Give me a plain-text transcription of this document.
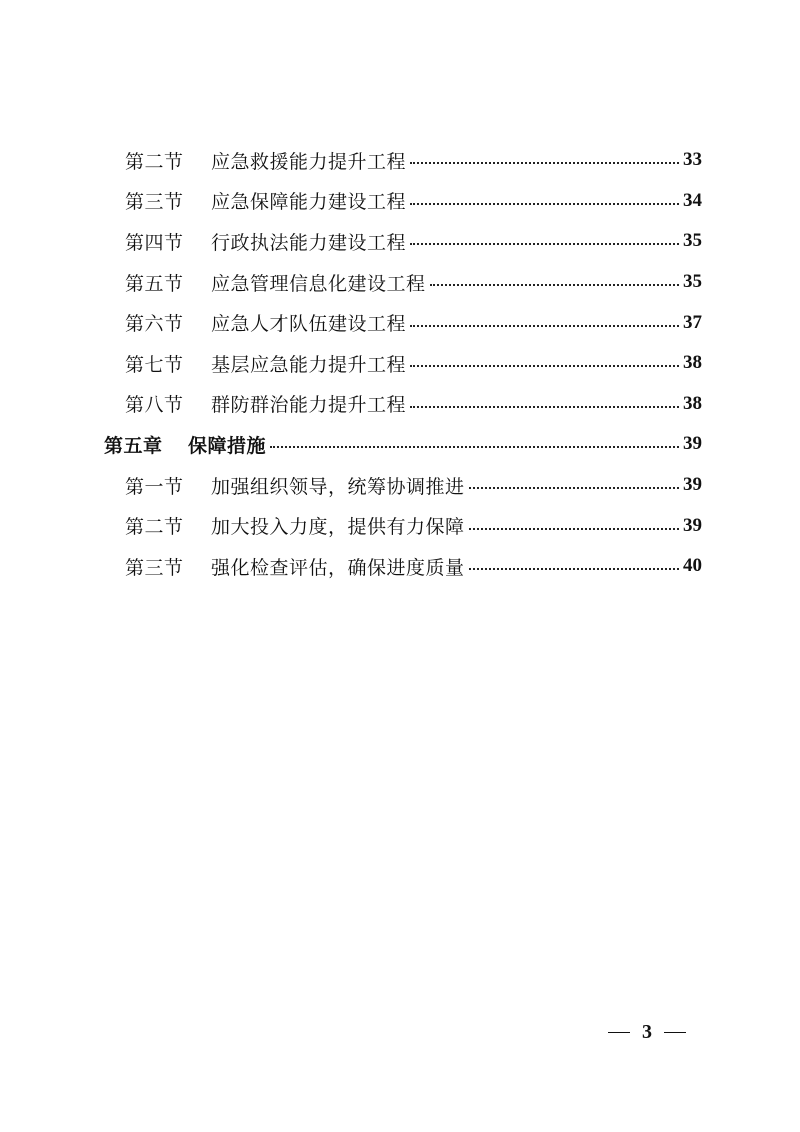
第二节	应急救援能力提升工程	33
第三节	应急保障能力建设工程	34
第四节	行政执法能力建设工程	35
第五节	应急管理信息化建设工程	35
第六节	应急人才队伍建设工程	37
第七节	基层应急能力提升工程	38
第八节	群防群治能力提升工程	38
第五章	保障措施	39
第一节	加强组织领导，统筹协调推进	39
第二节	加大投入力度，提供有力保障	39
第三节	强化检查评估，确保进度质量	40
3
